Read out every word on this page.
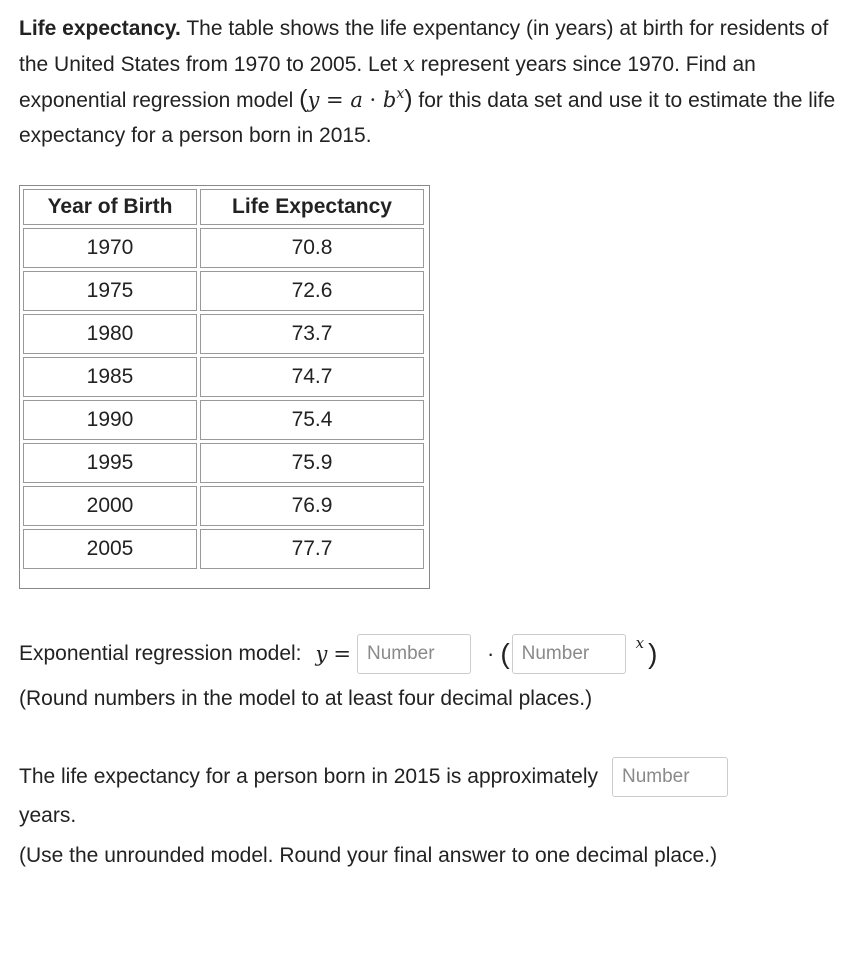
Life expectancy. The table shows the life expentancy (in years) at birth for residents of the United States from 1970 to 2005. Let x represent years since 1970. Find an exponential regression model $(y = a \cdot b^x)$ for this data set and use it to estimate the life expectancy for a person born in 2015.

Year of Birth	Life Expectancy
1970	70.8
1975	72.6
1980	73.7
1985	74.7
1990	75.4
1995	75.9
2000	76.9
2005	77.7
Exponential regression model: y =
Number	· (
Number	x )
(Round numbers in the model to at least four decimal places.)
The life expectancy for a person born in 2015 is approximately
Number
years.
(Use the unrounded model. Round your final answer to one decimal place.)
